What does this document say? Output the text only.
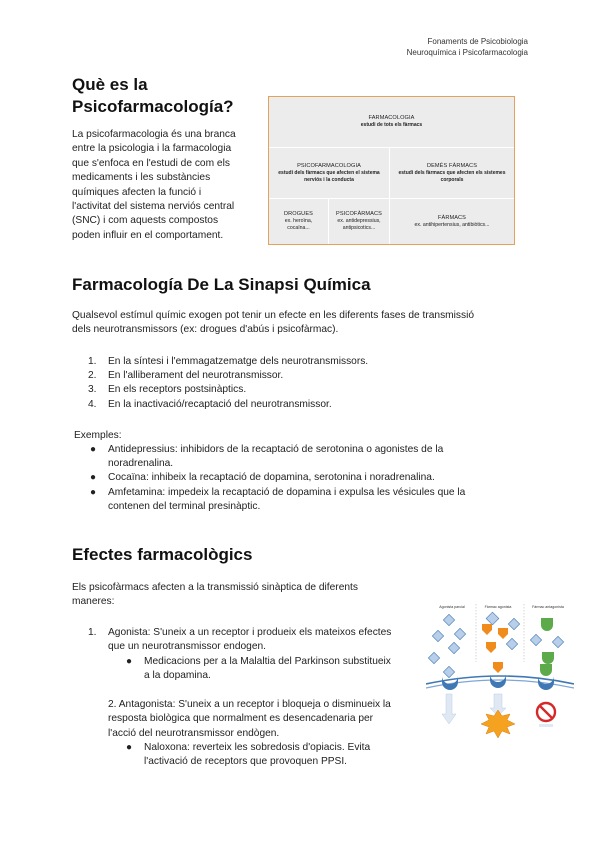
Fonaments de Psicobiologia
Neuroquímica i Psicofarmacologia
Què es la
Psicofarmacología?
La psicofarmacologia és una branca
entre la psicologia i la farmacologia
que s'enfoca en l'estudi de com els
medicaments i les substàncies
químiques afecten la funció i
l'activitat del sistema nerviós central
(SNC) i com aquests compostos
poden influir en el comportament.
FARMACOLOGIA
estudi de tots els fàrmacs
PSICOFARMACOLOGIA
estudi dels fàrmacs que afecten el sistema nerviós i la conducta
DEMÉS FÀRMACS
estudi dels fàrmacs que afecten els sistemes corporals
DROGUES
ex. heroïna, cocaïna...
PSICOFÀRMACS
ex. antidepressius, antipsicotics...
FÀRMACS
ex. antihipertensius, antibiòtics...
Farmacología De La Sinapsi Química
Qualsevol estímul químic exogen pot tenir un efecte en les diferents fases de transmissió
dels neurotransmissors (ex: drogues d'abús i psicofàrmac).
1. En la síntesi i l'emmagatzematge dels neurotransmissors.
2. En l'alliberament del neurotransmissor.
3. En els receptors postsinàptics.
4. En la inactivació/recaptació del neurotransmissor.
Exemples:
● Antidepressius: inhibidors de la recaptació de serotonina o agonistes de la
noradrenalina.
● Cocaïna: inhibeix la recaptació de dopamina, serotonina i noradrenalina.
● Amfetamina: impedeix la recaptació de dopamina i expulsa les vésicules que la
contenen del terminal presinàptic.
Efectes farmacològics
Els psicofàrmacs afecten a la transmissió sinàptica de diferents
maneres:
1. Agonista: S'uneix a un receptor i produeix els mateixos efectes
que un neurotransmissor endogen.
● Medicacions per a la Malaltia del Parkinson substitueix
a la dopamina.
2. Antagonista: S'uneix a un receptor i bloqueja o disminueix la
resposta biològica que normalment es desencadenaria per
l'acció del neurotransmissor endògen.
● Naloxona: reverteix les sobredosis d'opiacis. Evita
l'activació de receptors que provoquen PPSI.
Agonista parcial	Fàrmac agonista	Fàrmac antagonista
